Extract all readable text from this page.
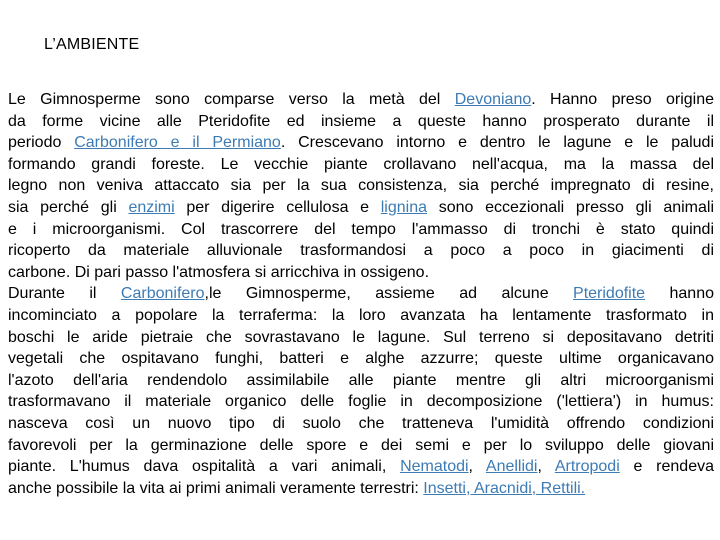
L’AMBIENTE
Le Gimnosperme sono comparse verso la metà del Devoniano. Hanno preso origine
da forme vicine alle Pteridofite ed insieme a queste hanno prosperato durante il
periodo Carbonifero e il Permiano. Crescevano intorno e dentro le lagune e le paludi
formando grandi foreste. Le vecchie piante crollavano nell'acqua, ma la massa del
legno non veniva attaccato sia per la sua consistenza, sia perché impregnato di resine,
sia perché gli enzimi per digerire cellulosa e lignina sono eccezionali presso gli animali
e i microorganismi. Col trascorrere del tempo l'ammasso di tronchi è stato quindi
ricoperto da materiale alluvionale trasformandosi a poco a poco in giacimenti di
carbone. Di pari passo l'atmosfera si arricchiva in ossigeno.
Durante il Carbonifero,le Gimnosperme, assieme ad alcune Pteridofite hanno
incominciato a popolare la terraferma: la loro avanzata ha lentamente trasformato in
boschi le aride pietraie che sovrastavano le lagune. Sul terreno si depositavano detriti
vegetali che ospitavano funghi, batteri e alghe azzurre; queste ultime organicavano
l'azoto dell'aria rendendolo assimilabile alle piante mentre gli altri microorganismi
trasformavano il materiale organico delle foglie in decomposizione ('lettiera') in humus:
nasceva così un nuovo tipo di suolo che tratteneva l'umidità offrendo condizioni
favorevoli per la germinazione delle spore e dei semi e per lo sviluppo delle giovani
piante. L'humus dava ospitalità a vari animali, Nematodi, Anellidi, Artropodi e rendeva
anche possibile la vita ai primi animali veramente terrestri: Insetti, Aracnidi, Rettili.
